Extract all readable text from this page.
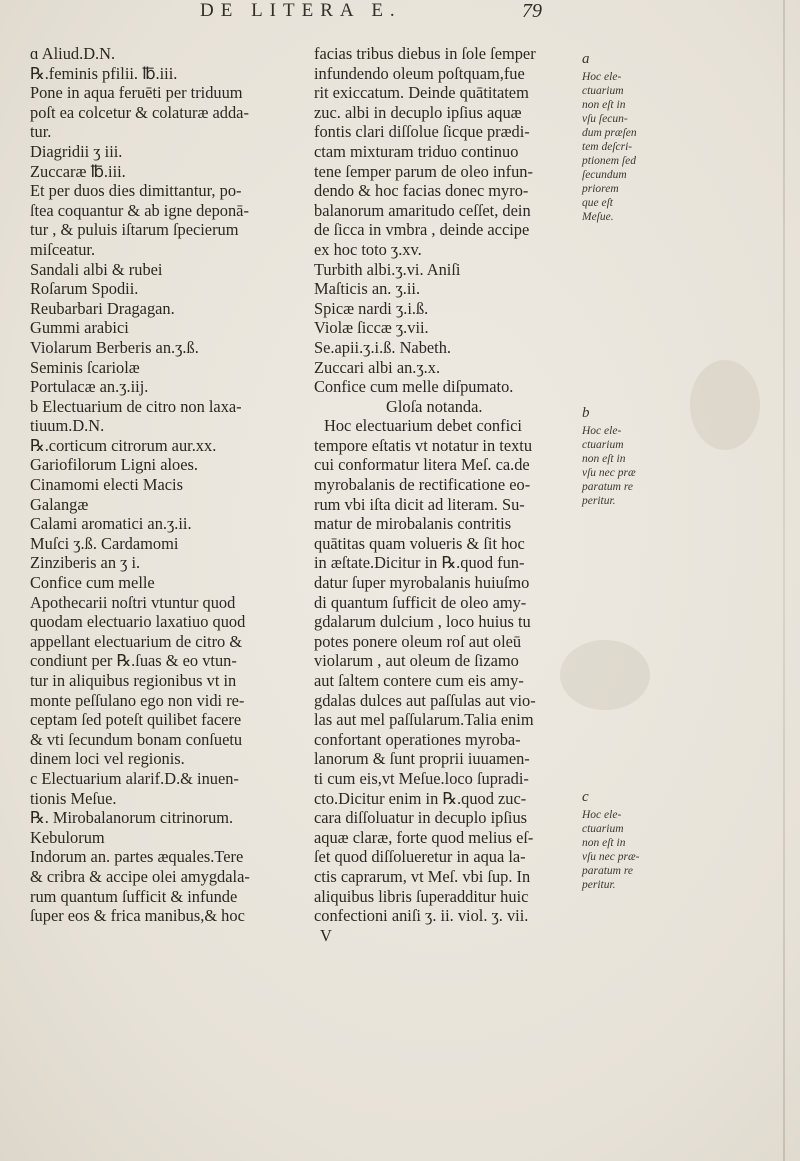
DE LITERA E.	79
ɑ Aliud.D.N.
℞.feminis pfilii. ℔.iii.
Pone in aqua feruēti per triduum
poſt ea colcetur & colaturæ adda-
tur.
Diagridii ʒ iii.
Zuccaræ ℔.iii.
Et per duos dies dimittantur, po-
ſtea coquantur & ab igne deponā-
tur , & puluis iſtarum ſpecierum
miſceatur.
Sandali albi & rubei
Roſarum Spodii.
Reubarbari Dragagan.
Gummi arabici
Violarum Berberis an.ʒ.ß.
Seminis ſcariolæ
Portulacæ an.ʒ.iij.
b Electuarium de citro non laxa-
tiuum.D.N.
℞.corticum citrorum aur.xx.
Gariofilorum Ligni aloes.
Cinamomi electi Macis
Galangæ
Calami aromatici an.ʒ.ii.
Muſci ʒ.ß. Cardamomi
Zinziberis an ʒ i.
Confice cum melle
Apothecarii noſtri vtuntur quod
quodam electuario laxatiuo quod
appellant electuarium de citro &
condiunt per ℞.ſuas & eo vtun-
tur in aliquibus regionibus vt in
monte peſſulano ego non vidi re-
ceptam ſed poteſt quilibet facere
& vti ſecundum bonam conſuetu
dinem loci vel regionis.
c Electuarium alarif.D.& inuen-
tionis Meſue.
℞. Mirobalanorum citrinorum.
Kebulorum
Indorum an. partes æquales.Tere
& cribra & accipe olei amygdala-
rum quantum ſufficit & infunde
ſuper eos & frica manibus,& hoc
facias tribus diebus in ſole ſemper
infundendo oleum poſtquam,fue
rit exiccatum. Deinde quātitatem
zuc. albi in decuplo ipſius aquæ
fontis clari diſſolue ſicque prædi-
ctam mixturam triduo continuo
tene ſemper parum de oleo infun-
dendo & hoc facias donec myro-
balanorum amaritudo ceſſet, dein
de ſicca in vmbra , deinde accipe
ex hoc toto ʒ.xv.
Turbith albi.ʒ.vi. Aniſi
Maſticis an. ʒ.ii.
Spicæ nardi ʒ.i.ß.
Violæ ſiccæ ʒ.vii.
Se.apii.ʒ.i.ß. Nabeth.
Zuccari albi an.ʒ.x.
Confice cum melle diſpumato.
Gloſa notanda.
Hoc electuarium debet confici
tempore eſtatis vt notatur in textu
cui conformatur litera Meſ. ca.de
myrobalanis de rectificatione eo-
rum vbi iſta dicit ad literam. Su-
matur de mirobalanis contritis
quātitas quam volueris & ſit hoc
in æſtate.Dicitur in ℞.quod fun-
datur ſuper myrobalanis huiuſmo
di quantum ſufficit de oleo amy-
gdalarum dulcium , loco huius tu
potes ponere oleum roſ aut oleū
violarum , aut oleum de ſizamo
aut ſaltem contere cum eis amy-
gdalas dulces aut paſſulas aut vio-
las aut mel paſſularum.Talia enim
confortant operationes myroba-
lanorum & ſunt proprii iuuamen-
ti cum eis,vt Meſue.loco ſupradi-
cto.Dicitur enim in ℞.quod zuc-
cara diſſoluatur in decuplo ipſius
aquæ claræ, forte quod melius eſ-
ſet quod diſſolueretur in aqua la-
ctis caprarum, vt Meſ. vbi ſup. In
aliquibus libris ſuperadditur huic
confectioni aniſi ʒ. ii. viol. ʒ. vii.
V
a
Hoc ele-
ctuarium
non eſt in
vſu ſecun-
dum præſen
tem deſcri-
ptionem ſed
ſecundum
priorem
que eſt
Meſue.
b
Hoc ele-
ctuarium
non eſt in
vſu nec præ
paratum re
peritur.
c
Hoc ele-
ctuarium
non eſt in
vſu nec præ-
paratum re
peritur.
